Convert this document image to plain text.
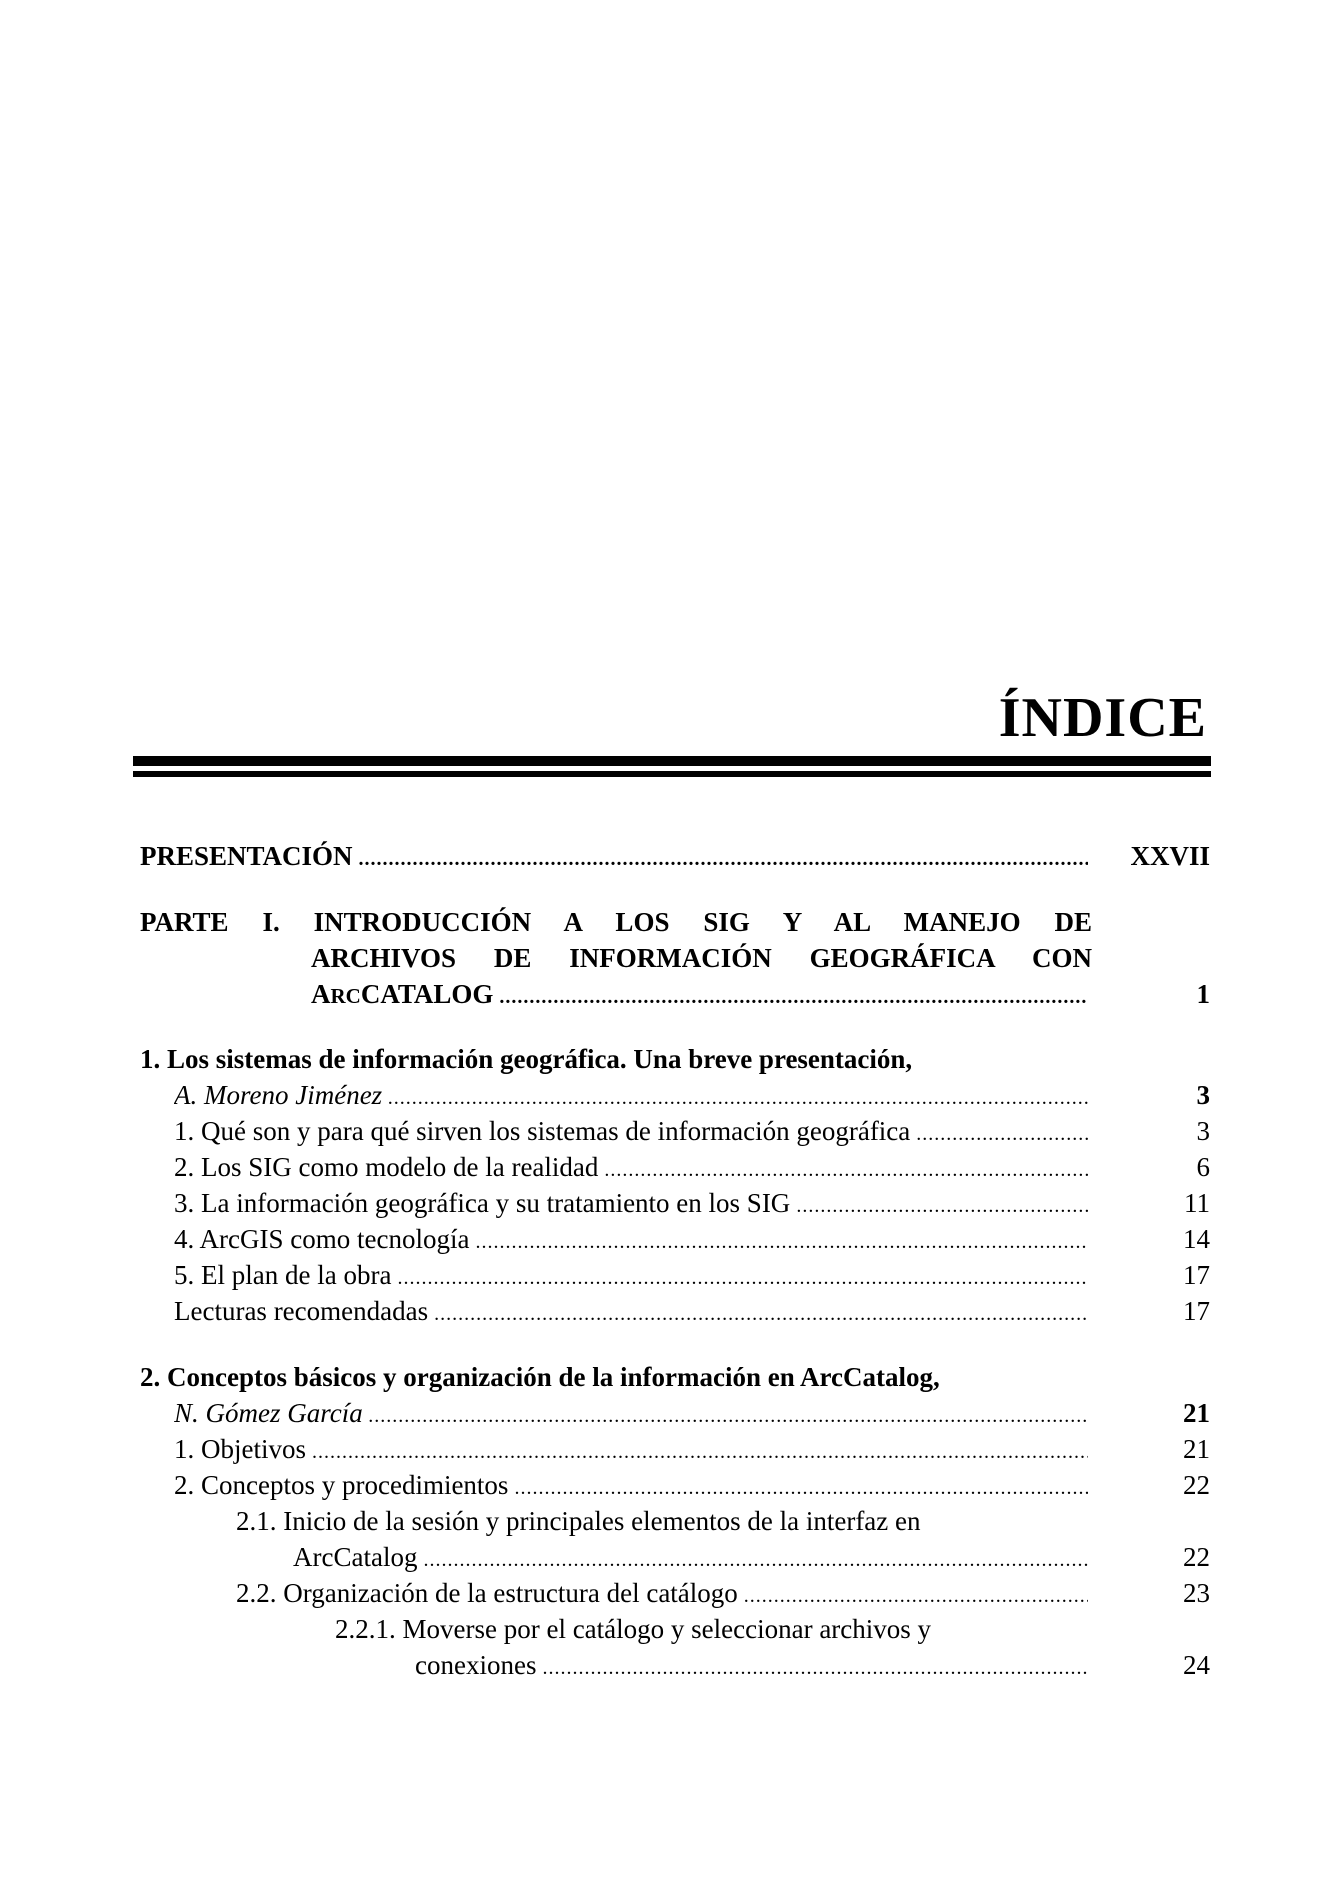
ÍNDICE
PRESENTACIÓN .....	XXVII
PARTE I. INTRODUCCIÓN A LOS SIG Y AL MANEJO DE
ARCHIVOS DE INFORMACIÓN GEOGRÁFICA CON
ARCCATALOG .....	1
1. Los sistemas de información geográfica. Una breve presentación,
A. Moreno Jiménez .....	3
1. Qué son y para qué sirven los sistemas de información geográfica .....	3
2. Los SIG como modelo de la realidad .....	6
3. La información geográfica y su tratamiento en los SIG .....	11
4. ArcGIS como tecnología .....	14
5. El plan de la obra .....	17
Lecturas recomendadas .....	17
2. Conceptos básicos y organización de la información en ArcCatalog,
N. Gómez García .....	21
1. Objetivos .....	21
2. Conceptos y procedimientos .....	22
2.1. Inicio de la sesión y principales elementos de la interfaz en
ArcCatalog .....	22
2.2. Organización de la estructura del catálogo .....	23
2.2.1. Moverse por el catálogo y seleccionar archivos y
conexiones .....	24
